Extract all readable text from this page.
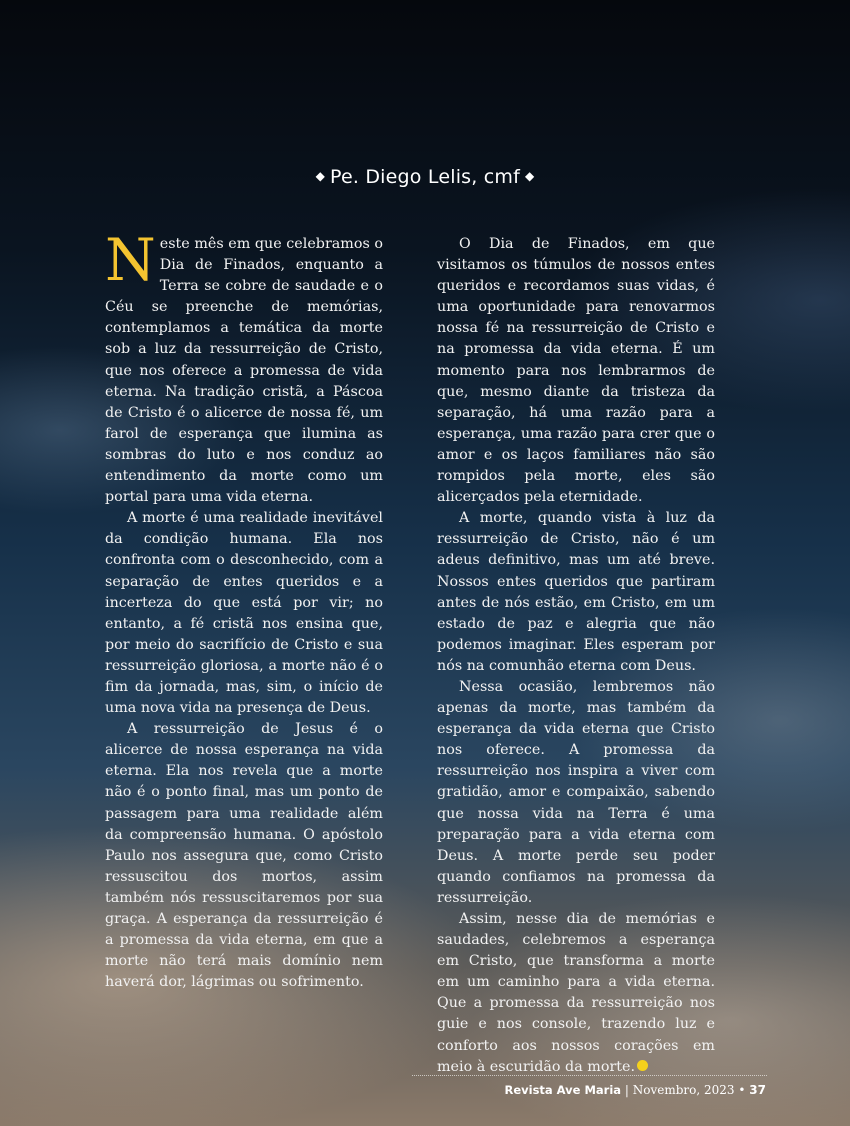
◆ Pe. Diego Lelis, cmf ◆

Neste mês em que celebramos o Dia de Finados, enquanto a Terra se cobre de saudade e o Céu se preenche de memórias, contemplamos a temática da morte sob a luz da ressurreição de Cristo, que nos oferece a promessa de vida eterna. Na tradição cristã, a Páscoa de Cristo é o alicerce de nossa fé, um farol de esperança que ilumina as sombras do luto e nos conduz ao entendimento da morte como um portal para uma vida eterna.

A morte é uma realidade inevitável da condição humana. Ela nos confronta com o desconhecido, com a separação de entes queridos e a incerteza do que está por vir; no entanto, a fé cristã nos ensina que, por meio do sacrifício de Cristo e sua ressurreição gloriosa, a morte não é o fim da jornada, mas, sim, o início de uma nova vida na presença de Deus.

A ressurreição de Jesus é o alicerce de nossa esperança na vida eterna. Ela nos revela que a morte não é o ponto final, mas um ponto de passagem para uma realidade além da compreensão humana. O apóstolo Paulo nos assegura que, como Cristo ressuscitou dos mortos, assim também nós ressuscitaremos por sua graça. A esperança da ressurreição é a promessa da vida eterna, em que a morte não terá mais domínio nem haverá dor, lágrimas ou sofrimento.

O Dia de Finados, em que visitamos os túmulos de nossos entes queridos e recordamos suas vidas, é uma oportunidade para renovarmos nossa fé na ressurreição de Cristo e na promessa da vida eterna. É um momento para nos lembrarmos de que, mesmo diante da tristeza da separação, há uma razão para a esperança, uma razão para crer que o amor e os laços familiares não são rompidos pela morte, eles são alicerçados pela eternidade.

A morte, quando vista à luz da ressurreição de Cristo, não é um adeus definitivo, mas um até breve. Nossos entes queridos que partiram antes de nós estão, em Cristo, em um estado de paz e alegria que não podemos imaginar. Eles esperam por nós na comunhão eterna com Deus.

Nessa ocasião, lembremos não apenas da morte, mas também da esperança da vida eterna que Cristo nos oferece. A promessa da ressurreição nos inspira a viver com gratidão, amor e compaixão, sabendo que nossa vida na Terra é uma preparação para a vida eterna com Deus. A morte perde seu poder quando confiamos na promessa da ressurreição.

Assim, nesse dia de memórias e saudades, celebremos a esperança em Cristo, que transforma a morte em um caminho para a vida eterna. Que a promessa da ressurreição nos guie e nos console, trazendo luz e conforto aos nossos corações em meio à escuridão da morte.

Revista Ave Maria | Novembro, 2023 • 37
